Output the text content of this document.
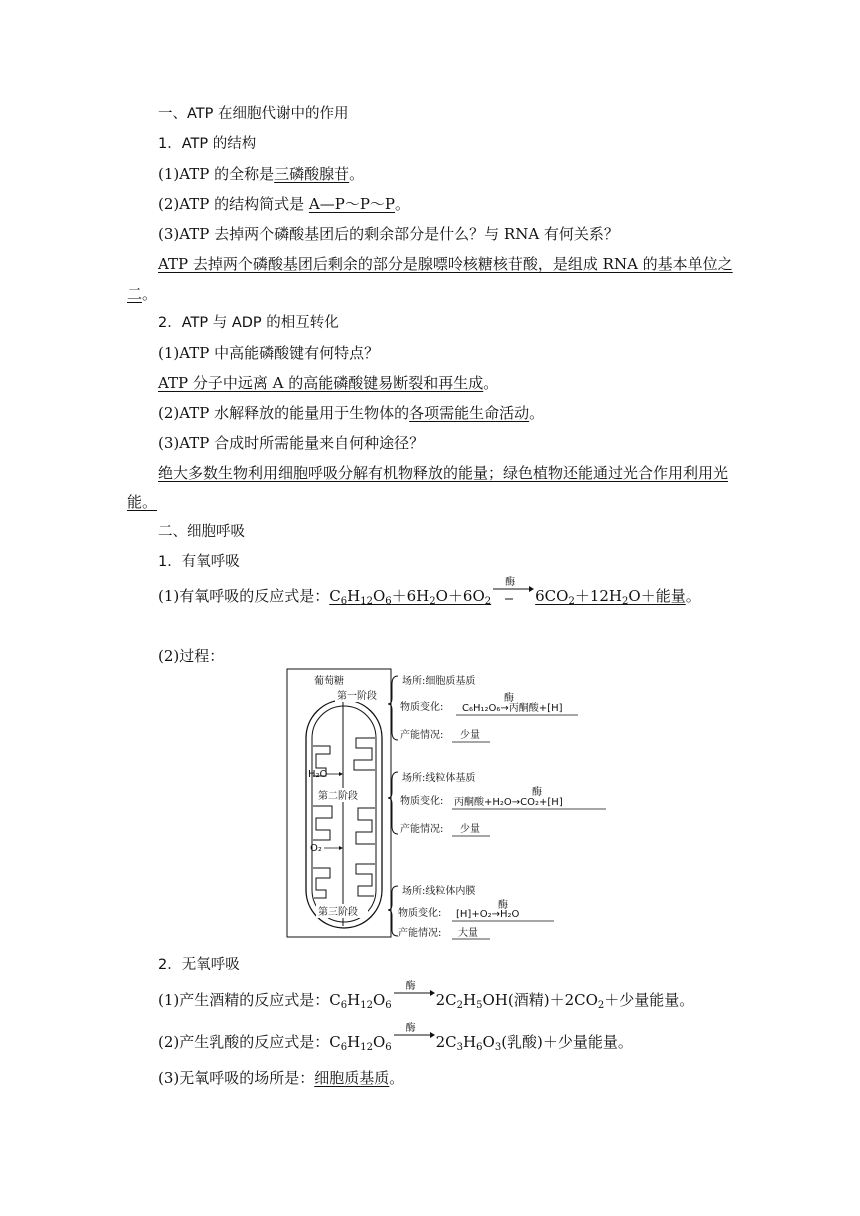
一、ATP 在细胞代谢中的作用
1．ATP 的结构
(1)ATP 的全称是三磷酸腺苷。
(2)ATP 的结构简式是 A—P～P～P。
(3)ATP 去掉两个磷酸基团后的剩余部分是什么？与 RNA 有何关系？
ATP 去掉两个磷酸基团后剩余的部分是腺嘌呤核糖核苷酸，是组成 RNA 的基本单位之
二。
2．ATP 与 ADP 的相互转化
(1)ATP 中高能磷酸键有何特点？
ATP 分子中远离 A 的高能磷酸键易断裂和再生成。
(2)ATP 水解释放的能量用于生物体的各项需能生命活动。
(3)ATP 合成时所需能量来自何种途径？
绝大多数生物利用细胞呼吸分解有机物释放的能量；绿色植物还能通过光合作用利用光
能。
二、细胞呼吸
1．有氧呼吸
(1)有氧呼吸的反应式是：$C_6H_{12}O_6+6H_2O+6O_2$
酶
$6CO_2+12H_2O+$能量。
(2)过程：
葡萄糖
第一阶段
H₂O
第二阶段
O₂
第三阶段
场所:细胞质基质
物质变化: C₆H₁₂O₆→丙酮酸+[H]
酶
产能情况: 少量
场所:线粒体基质
物质变化: 丙酮酸+H₂O→CO₂+[H]
酶
产能情况: 少量
场所:线粒体内膜
物质变化: [H]+O₂→H₂O
酶
产能情况: 大量
2．无氧呼吸
(1)产生酒精的反应式是：$C_6H_{12}O_6$
酶
$2C_2H_5OH$(酒精)$+2CO_2+$少量能量。
(2)产生乳酸的反应式是：$C_6H_{12}O_6$
酶
$2C_3H_6O_3$(乳酸)＋少量能量。
(3)无氧呼吸的场所是：细胞质基质。
